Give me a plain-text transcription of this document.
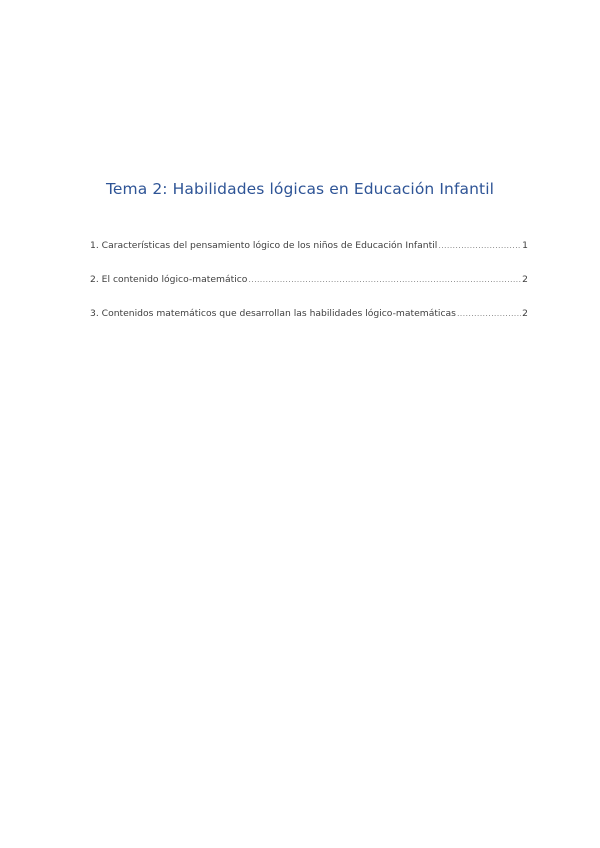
Tema 2: Habilidades lógicas en Educación Infantil
1. Características del pensamiento lógico de los niños de Educación Infantil .....	1
2. El contenido lógico-matemático .....	2
3. Contenidos matemáticos que desarrollan las habilidades lógico-matemáticas .....	2
